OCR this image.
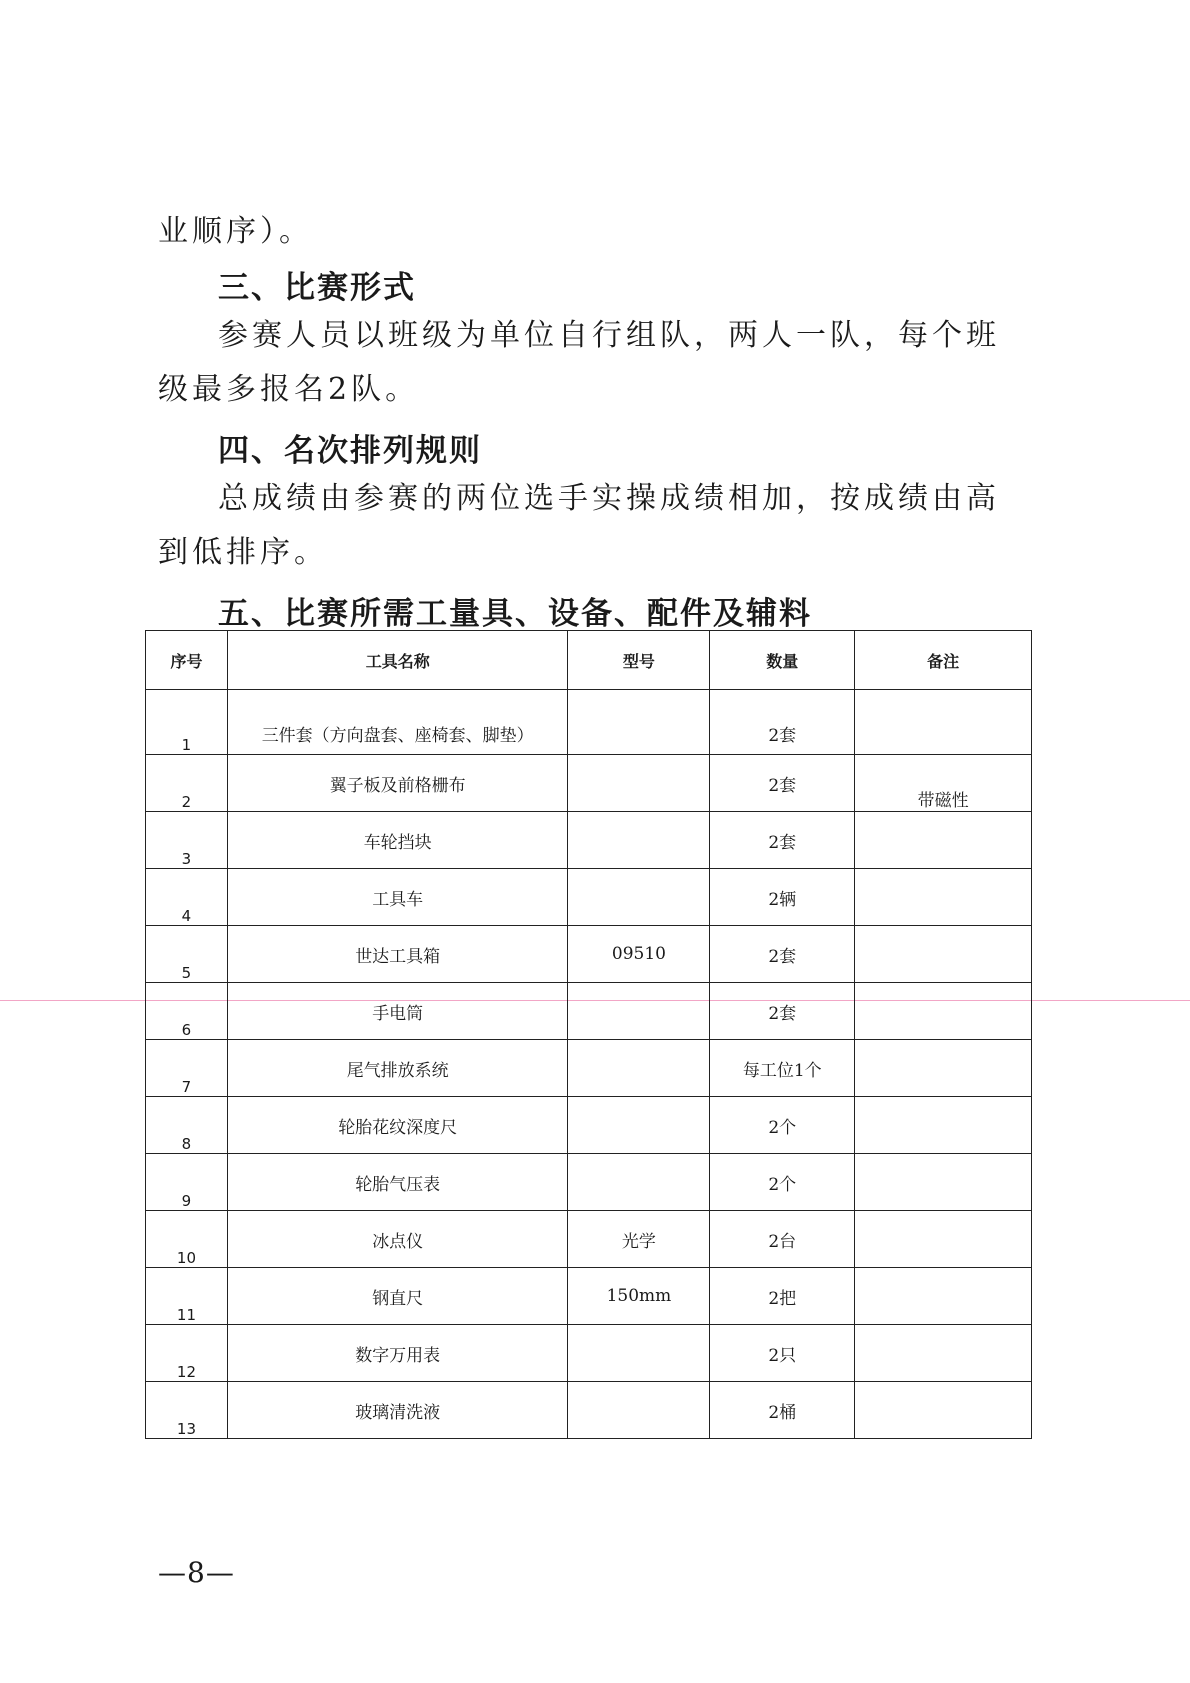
业顺序）。

三、比赛形式

参赛人员以班级为单位自行组队，两人一队，每个班级最多报名2队。

四、名次排列规则

总成绩由参赛的两位选手实操成绩相加，按成绩由高到低排序。

五、比赛所需工量具、设备、配件及辅料
序号	工具名称	型号	数量	备注
1	三件套（方向盘套、座椅套、脚垫）		2套	
2	翼子板及前格栅布		2套	带磁性
3	车轮挡块		2套	
4	工具车		2辆	
5	世达工具箱	09510	2套	
6	手电筒		2套	
7	尾气排放系统		每工位1个	
8	轮胎花纹深度尺		2个	
9	轮胎气压表		2个	
10	冰点仪	光学	2台	
11	钢直尺	150mm	2把	
12	数字万用表		2只	
13	玻璃清洗液		2桶	
—8—
